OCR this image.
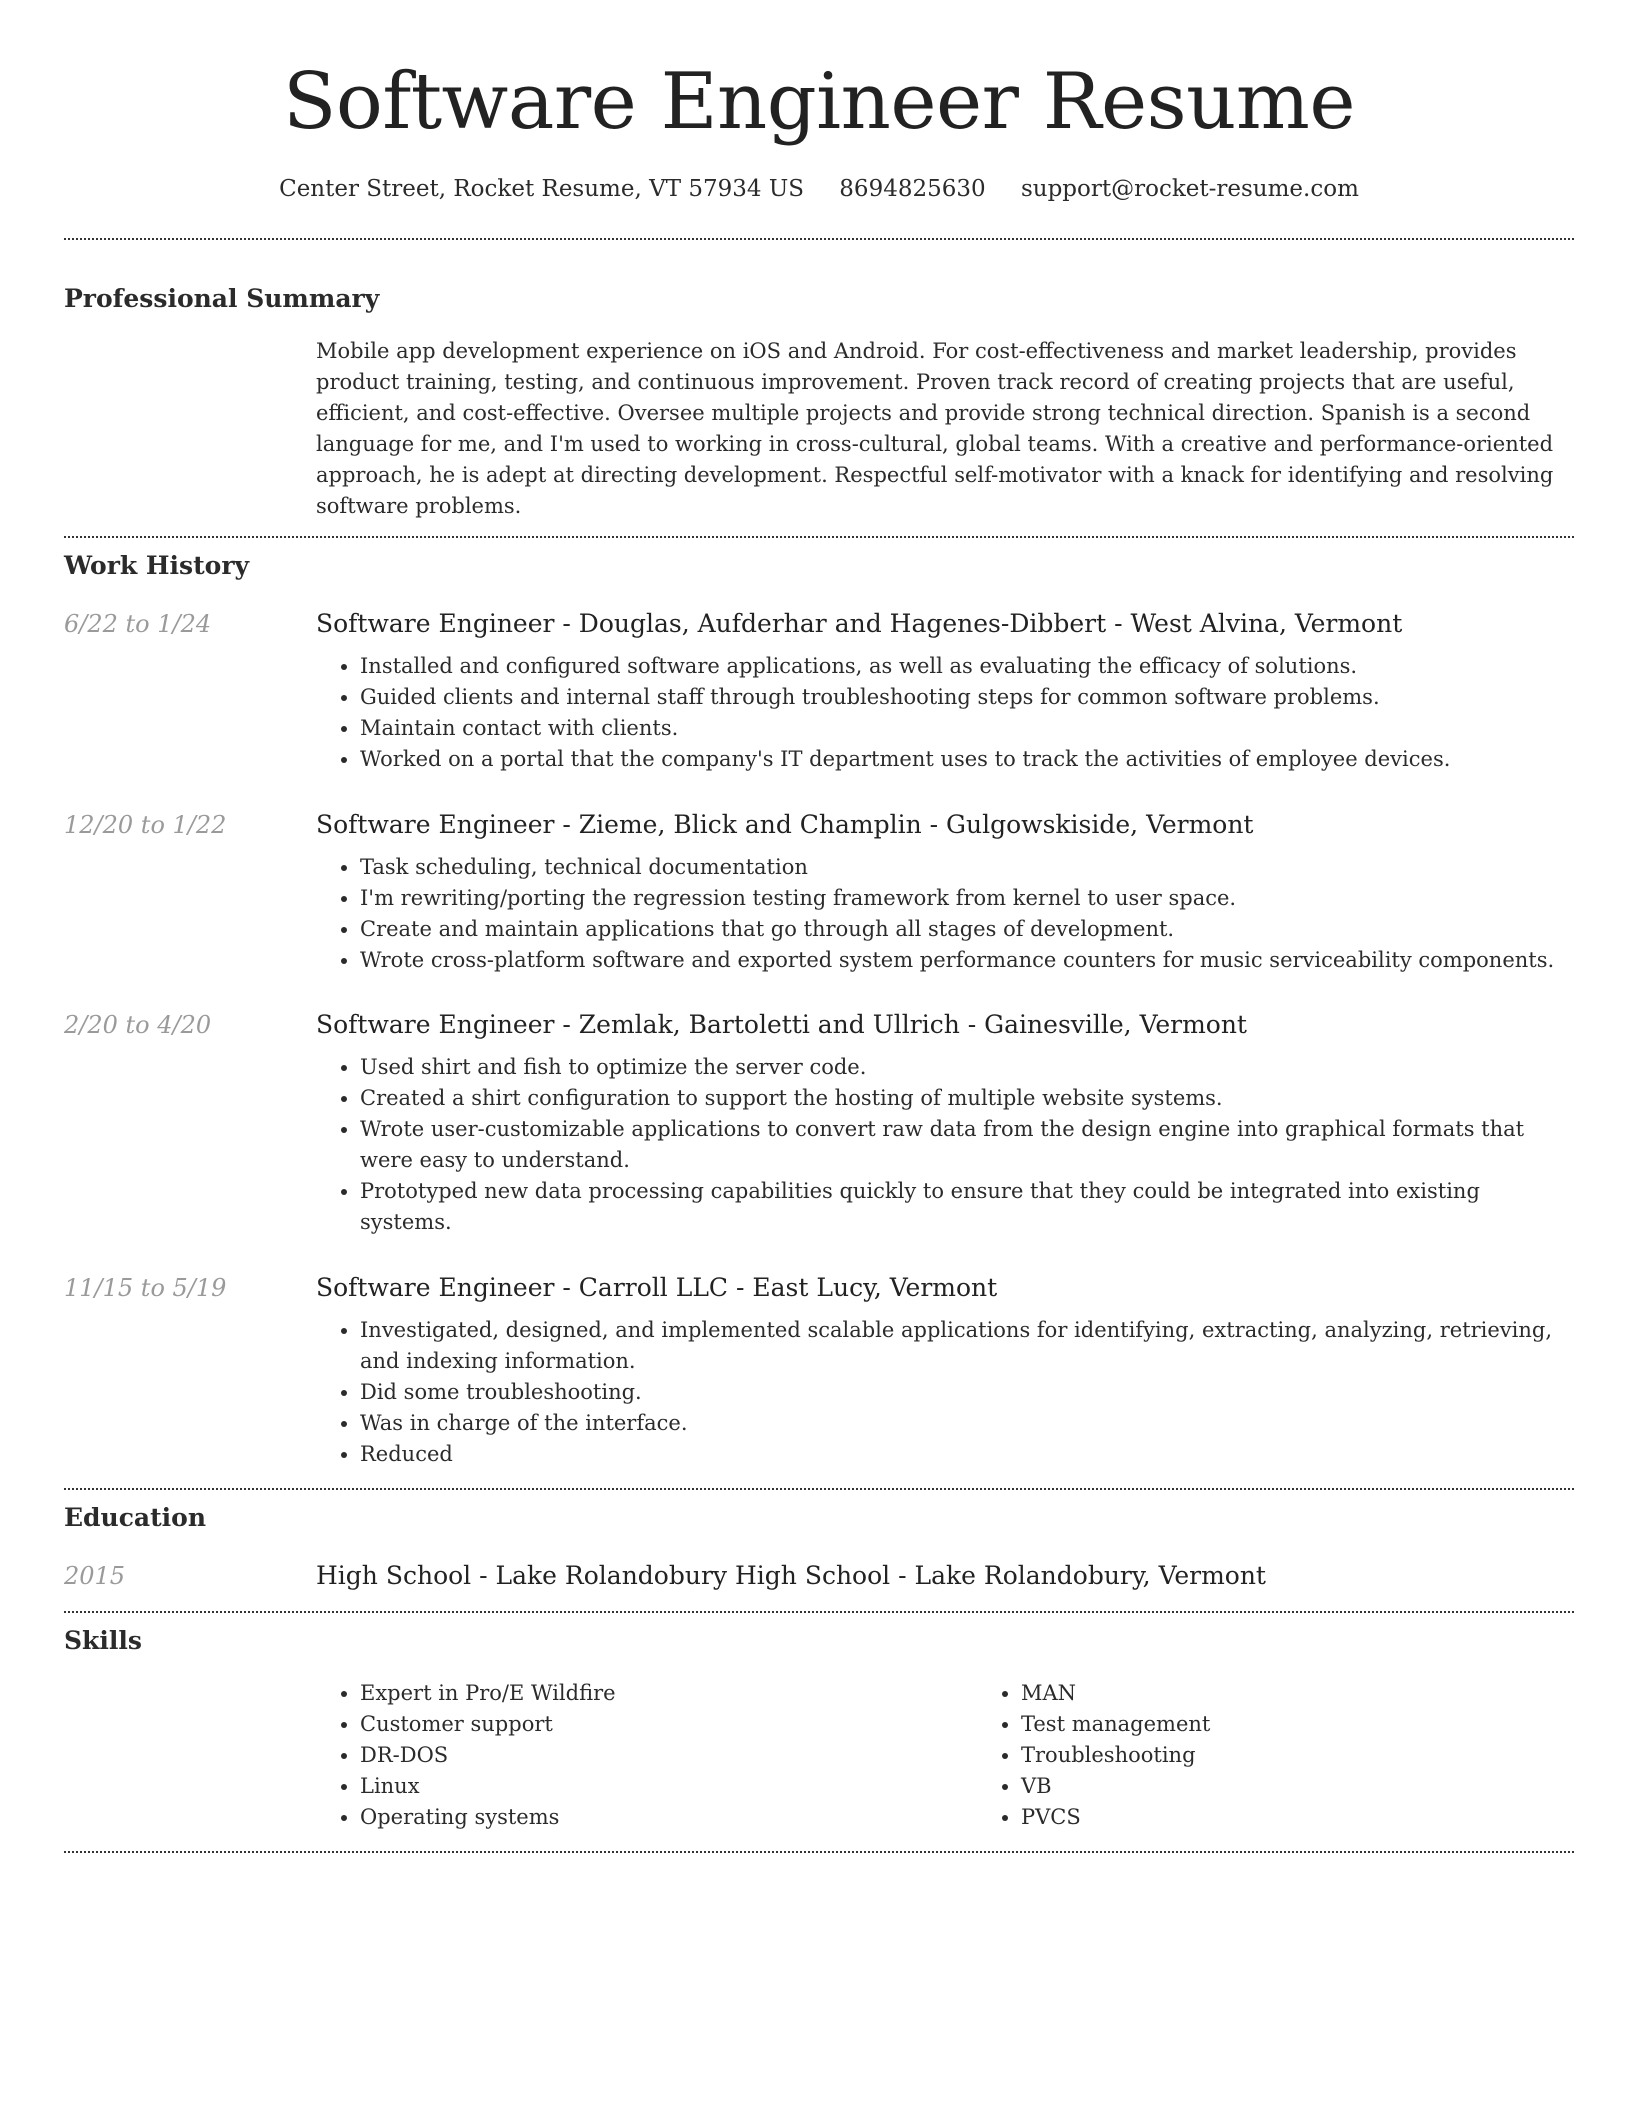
Software Engineer Resume
Center Street, Rocket Resume, VT 57934 US 8694825630 support@rocket-resume.com
Professional Summary
Mobile app development experience on iOS and Android. For cost-effectiveness and market leadership, provides product training, testing, and continuous improvement. Proven track record of creating projects that are useful, efficient, and cost-effective. Oversee multiple projects and provide strong technical direction. Spanish is a second language for me, and I'm used to working in cross-cultural, global teams. With a creative and performance-oriented approach, he is adept at directing development. Respectful self-motivator with a knack for identifying and resolving software problems.
Work History
6/22 to 1/24	Software Engineer - Douglas, Aufderhar and Hagenes-Dibbert - West Alvina, Vermont
• Installed and configured software applications, as well as evaluating the efficacy of solutions.
• Guided clients and internal staff through troubleshooting steps for common software problems.
• Maintain contact with clients.
• Worked on a portal that the company's IT department uses to track the activities of employee devices.
12/20 to 1/22	Software Engineer - Zieme, Blick and Champlin - Gulgowskiside, Vermont
• Task scheduling, technical documentation
• I'm rewriting/porting the regression testing framework from kernel to user space.
• Create and maintain applications that go through all stages of development.
• Wrote cross-platform software and exported system performance counters for music serviceability components.
2/20 to 4/20	Software Engineer - Zemlak, Bartoletti and Ullrich - Gainesville, Vermont
• Used shirt and fish to optimize the server code.
• Created a shirt configuration to support the hosting of multiple website systems.
• Wrote user-customizable applications to convert raw data from the design engine into graphical formats that were easy to understand.
• Prototyped new data processing capabilities quickly to ensure that they could be integrated into existing systems.
11/15 to 5/19	Software Engineer - Carroll LLC - East Lucy, Vermont
• Investigated, designed, and implemented scalable applications for identifying, extracting, analyzing, retrieving, and indexing information.
• Did some troubleshooting.
• Was in charge of the interface.
• Reduced
Education
2015	High School - Lake Rolandobury High School - Lake Rolandobury, Vermont
Skills
• Expert in Pro/E Wildfire
• Customer support
• DR-DOS
• Linux
• Operating systems
• MAN
• Test management
• Troubleshooting
• VB
• PVCS
